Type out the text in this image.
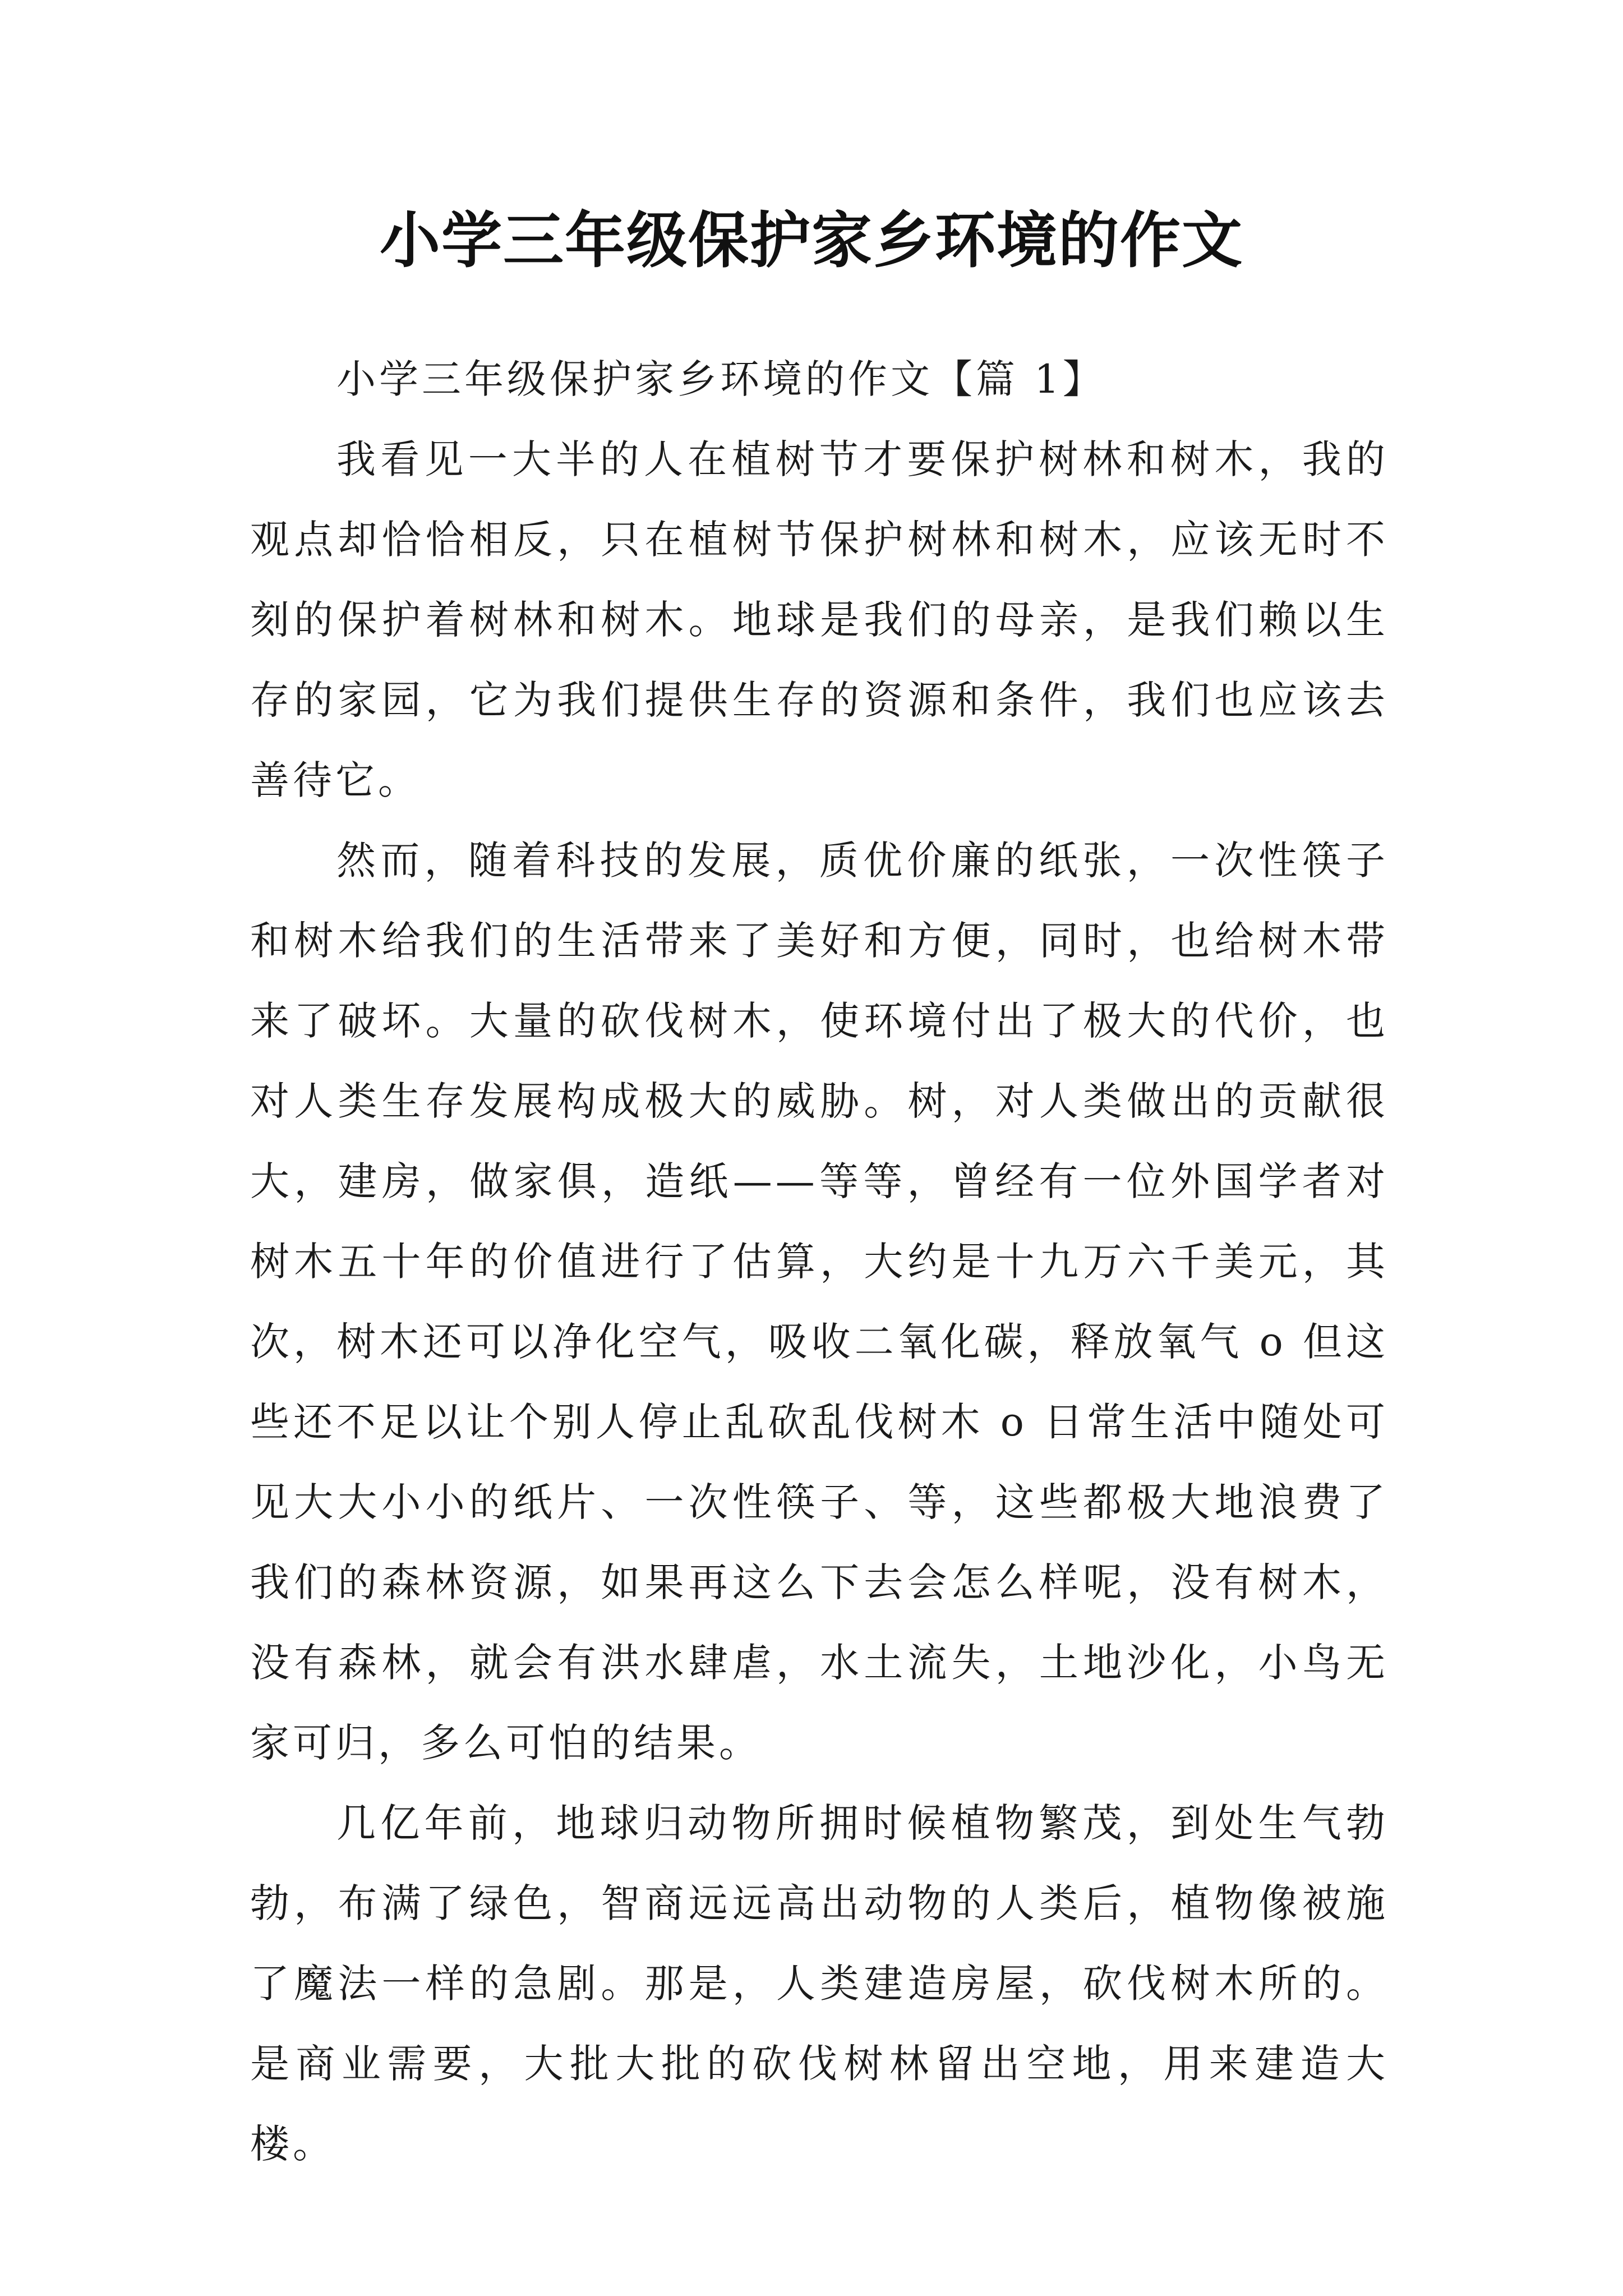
小学三年级保护家乡环境的作文

小学三年级保护家乡环境的作文【篇 1】

我看见一大半的人在植树节才要保护树林和树木，我的观点却恰恰相反，只在植树节保护树林和树木，应该无时不刻的保护着树林和树木。地球是我们的母亲，是我们赖以生存的家园，它为我们提供生存的资源和条件，我们也应该去善待它。

然而，随着科技的发展，质优价廉的纸张，一次性筷子和树木给我们的生活带来了美好和方便，同时，也给树木带来了破坏。大量的砍伐树木，使环境付出了极大的代价，也对人类生存发展构成极大的威胁。树，对人类做出的贡献很大，建房，做家俱，造纸——等等，曾经有一位外国学者对树木五十年的价值进行了估算，大约是十九万六千美元，其次，树木还可以净化空气，吸收二氧化碳，释放氧气 o 但这些还不足以让个别人停止乱砍乱伐树木 o 日常生活中随处可见大大小小的纸片、一次性筷子、等，这些都极大地浪费了我们的森林资源，如果再这么下去会怎么样呢，没有树木，没有森林，就会有洪水肆虐，水土流失，土地沙化，小鸟无家可归，多么可怕的结果。

几亿年前，地球归动物所拥时候植物繁茂，到处生气勃勃，布满了绿色，智商远远高出动物的人类后，植物像被施了魔法一样的急剧。那是，人类建造房屋，砍伐树木所的。是商业需要，大批大批的砍伐树林留出空地，用来建造大楼。
